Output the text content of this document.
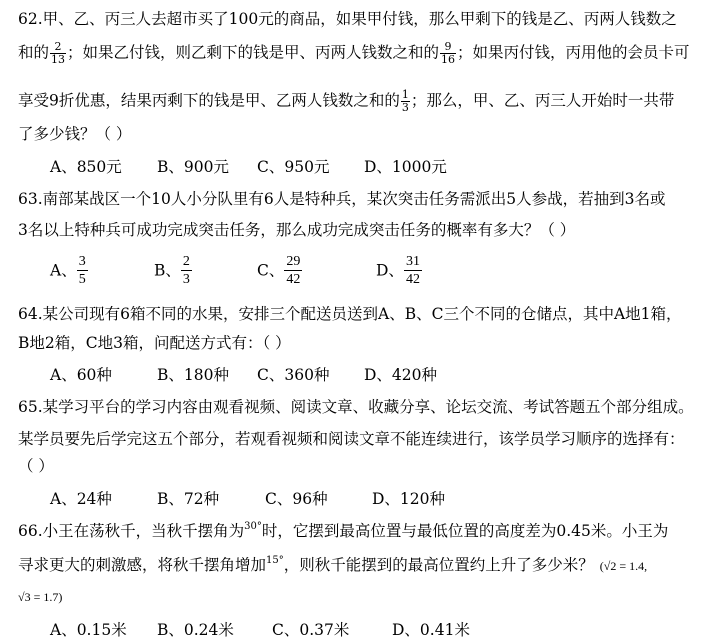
62.甲、乙、丙三人去超市买了100元的商品，如果甲付钱，那么甲剩下的钱是乙、丙两人钱数之
和的 $\frac{2}{13}$ ；如果乙付钱，则乙剩下的钱是甲、丙两人钱数之和的 $\frac{9}{16}$ ；如果丙付钱，丙用他的会员卡可
享受9折优惠，结果丙剩下的钱是甲、乙两人钱数之和的 $\frac{1}{3}$ ；那么，甲、乙、丙三人开始时一共带
了多少钱？（ ）
A、850元 B、900元 C、950元 D、1000元
63.南部某战区一个10人小分队里有6人是特种兵，某次突击任务需派出5人参战，若抽到3名或
3名以上特种兵可成功完成突击任务，那么成功完成突击任务的概率有多大？（ ）
A、 $\frac{3}{5}$	B、 $\frac{2}{3}$	C、 $\frac{29}{42}$	D、 $\frac{31}{42}$
64.某公司现有6箱不同的水果，安排三个配送员送到A、B、C三个不同的仓储点，其中A地1箱，
B地2箱，C地3箱，问配送方式有：（ ）
A、60种	B、180种 C、360种 D、420种
65.某学习平台的学习内容由观看视频、阅读文章、收藏分享、论坛交流、考试答题五个部分组成。
某学员要先后学完这五个部分，若观看视频和阅读文章不能连续进行，该学员学习顺序的选择有：
（ ）
A、24种	B、72种	C、96种	D、120种
66.小王在荡秋千，当秋千摆角为$^{30^\circ}$时，它摆到最高位置与最低位置的高度差为0.45米。小王为
寻求更大的刺激感，将秋千摆角增加$^{15^\circ}$，则秋千能摆到的最高位置约上升了多少米？ (√2 = 1.4,
√3 = 1.7)
A、0.15米 B、0.24米 C、0.37米	D、0.41米
